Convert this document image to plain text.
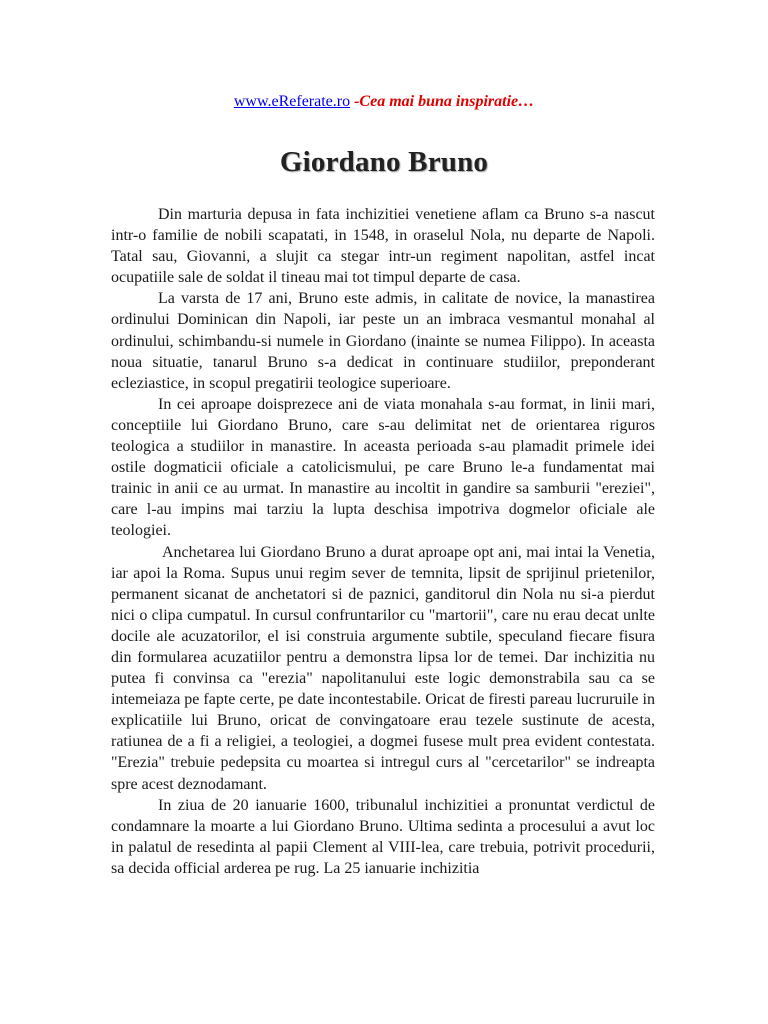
www.eReferate.ro -Cea mai buna inspiratie…
Giordano Bruno

Din marturia depusa in fata inchizitiei venetiene aflam ca Bruno s-a nascut intr-o familie de nobili scapatati, in 1548, in oraselul Nola, nu departe de Napoli. Tatal sau, Giovanni, a slujit ca stegar intr-un regiment napolitan, astfel incat ocupatiile sale de soldat il tineau mai tot timpul departe de casa.

La varsta de 17 ani, Bruno este admis, in calitate de novice, la manastirea ordinului Dominican din Napoli, iar peste un an imbraca vesmantul monahal al ordinului, schimbandu-si numele in Giordano (inainte se numea Filippo). In aceasta noua situatie, tanarul Bruno s-a dedicat in continuare studiilor, preponderant ecleziastice, in scopul pregatirii teologice superioare.

In cei aproape doisprezece ani de viata monahala s-au format, in linii mari, conceptiile lui Giordano Bruno, care s-au delimitat net de orientarea riguros teologica a studiilor in manastire. In aceasta perioada s-au plamadit primele idei ostile dogmaticii oficiale a catolicismului, pe care Bruno le-a fundamentat mai trainic in anii ce au urmat. In manastire au incoltit in gandire sa samburii "ereziei", care l-au impins mai tarziu la lupta deschisa impotriva dogmelor oficiale ale teologiei.

Anchetarea lui Giordano Bruno a durat aproape opt ani, mai intai la Venetia, iar apoi la Roma. Supus unui regim sever de temnita, lipsit de sprijinul prietenilor, permanent sicanat de anchetatori si de paznici, ganditorul din Nola nu si-a pierdut nici o clipa cumpatul. In cursul confruntarilor cu "martorii", care nu erau decat unlte docile ale acuzatorilor, el isi construia argumente subtile, speculand fiecare fisura din formularea acuzatiilor pentru a demonstra lipsa lor de temei. Dar inchizitia nu putea fi convinsa ca "erezia" napolitanului este logic demonstrabila sau ca se intemeiaza pe fapte certe, pe date incontestabile. Oricat de firesti pareau lucruruile in explicatiile lui Bruno, oricat de convingatoare erau tezele sustinute de acesta, ratiunea de a fi a religiei, a teologiei, a dogmei fusese mult prea evident contestata. "Erezia" trebuie pedepsita cu moartea si intregul curs al "cercetarilor" se indreapta spre acest deznodamant.

In ziua de 20 ianuarie 1600, tribunalul inchizitiei a pronuntat verdictul de condamnare la moarte a lui Giordano Bruno. Ultima sedinta a procesului a avut loc in palatul de resedinta al papii Clement al VIII-lea, care trebuia, potrivit procedurii, sa decida official arderea pe rug. La 25 ianuarie inchizitia
